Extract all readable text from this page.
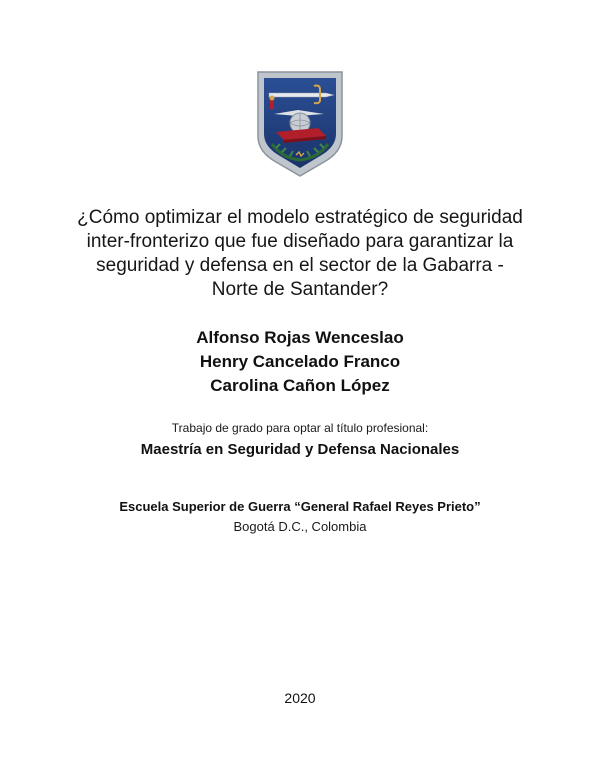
¿Cómo optimizar el modelo estratégico de seguridad
inter-fronterizo que fue diseñado para garantizar la
seguridad y defensa en el sector de la Gabarra -
Norte de Santander?
Alfonso Rojas Wenceslao
Henry Cancelado Franco
Carolina Cañon López
Trabajo de grado para optar al título profesional:
Maestría en Seguridad y Defensa Nacionales
Escuela Superior de Guerra “General Rafael Reyes Prieto”
Bogotá D.C., Colombia
2020
